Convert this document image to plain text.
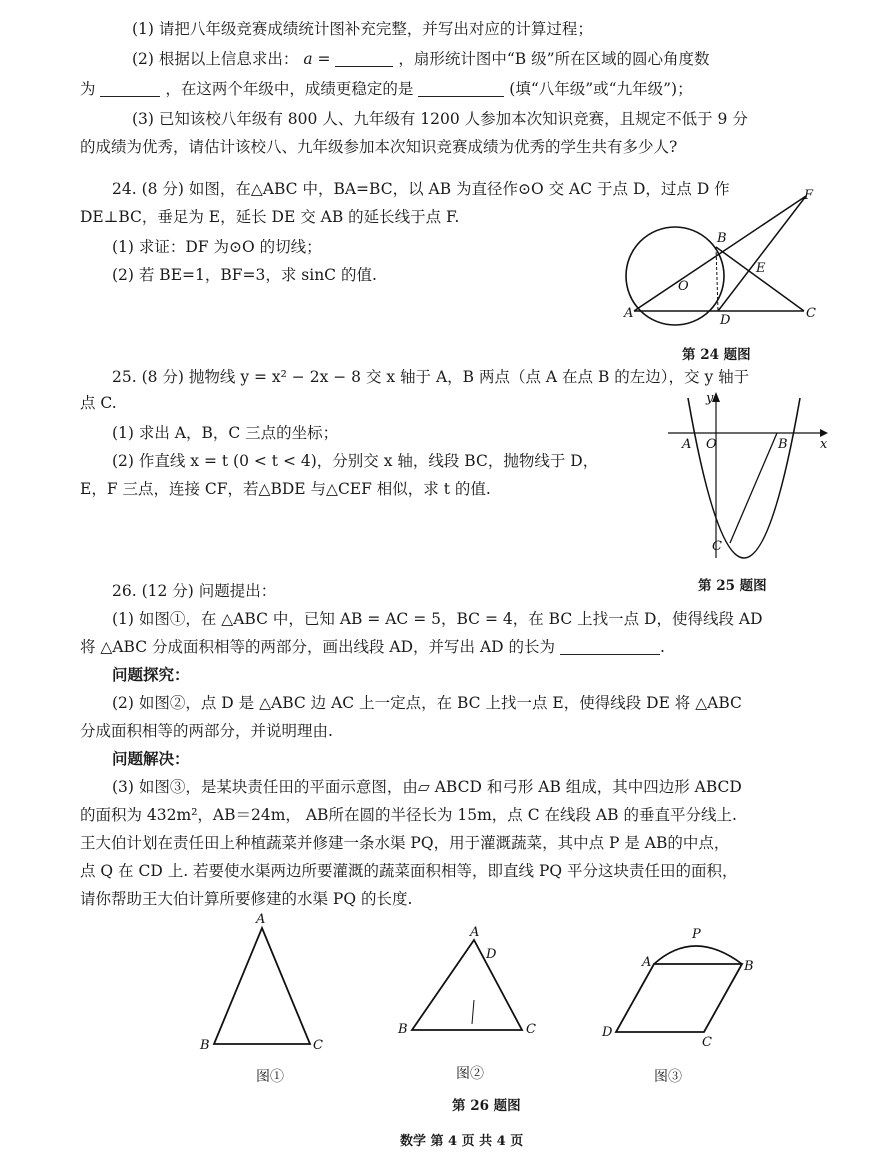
(1) 请把八年级竞赛成绩统计图补充完整，并写出对应的计算过程；
(2) 根据以上信息求出： a =	，扇形统计图中“B 级”所在区域的圆心角度数
为	，在这两个年级中，成绩更稳定的是	(填“八年级”或“九年级”)；
(3) 已知该校八年级有 800 人、九年级有 1200 人参加本次知识竞赛，且规定不低于 9 分
的成绩为优秀，请估计该校八、九年级参加本次知识竞赛成绩为优秀的学生共有多少人?
24. (8 分) 如图，在△ABC 中，BA=BC，以 AB 为直径作⊙O 交 AC 于点 D，过点 D 作
DE⊥BC，垂足为 E，延长 DE 交 AB 的延长线于点 F.
(1) 求证：DF 为⊙O 的切线；
(2) 若 BE=1，BF=3，求 sinC 的值.
F
B
E
O
A	D	C
第 24 题图
25. (8 分) 抛物线 y = x² − 2x − 8 交 x 轴于 A，B 两点（点 A 在点 B 的左边），交 y 轴于
点 C.
(1) 求出 A，B，C 三点的坐标；
(2) 作直线 x = t (0 < t < 4)，分别交 x 轴，线段 BC，抛物线于 D，
E，F 三点，连接 CF，若△BDE 与△CEF 相似，求 t 的值.
y
x
A O	B
C
第 25 题图
26. (12 分) 问题提出：
(1) 如图①，在 △ABC 中，已知 AB = AC = 5，BC = 4，在 BC 上找一点 D，使得线段 AD
将 △ABC 分成面积相等的两部分，画出线段 AD，并写出 AD 的长为	.
问题探究：
(2) 如图②，点 D 是 △ABC 边 AC 上一定点，在 BC 上找一点 E，使得线段 DE 将 △ABC
分成面积相等的两部分，并说明理由.
问题解决：
(3) 如图③，是某块责任田的平面示意图，由▱ ABCD 和弓形 AB 组成，其中四边形 ABCD
的面积为 432m²，AB＝24m， AB所在圆的半径长为 15m，点 C 在线段 AB 的垂直平分线上.
王大伯计划在责任田上种植蔬菜并修建一条水渠 PQ，用于灌溉蔬菜，其中点 P 是 AB的中点，
点 Q 在 CD 上. 若要使水渠两边所要灌溉的蔬菜面积相等，即直线 PQ 平分这块责任田的面积，
请你帮助王大伯计算所要修建的水渠 PQ 的长度.
A
B	C
A
D
B	C
P
A	B
D
C
图①	图②	图③
第 26 题图
数学 第 4 页 共 4 页
